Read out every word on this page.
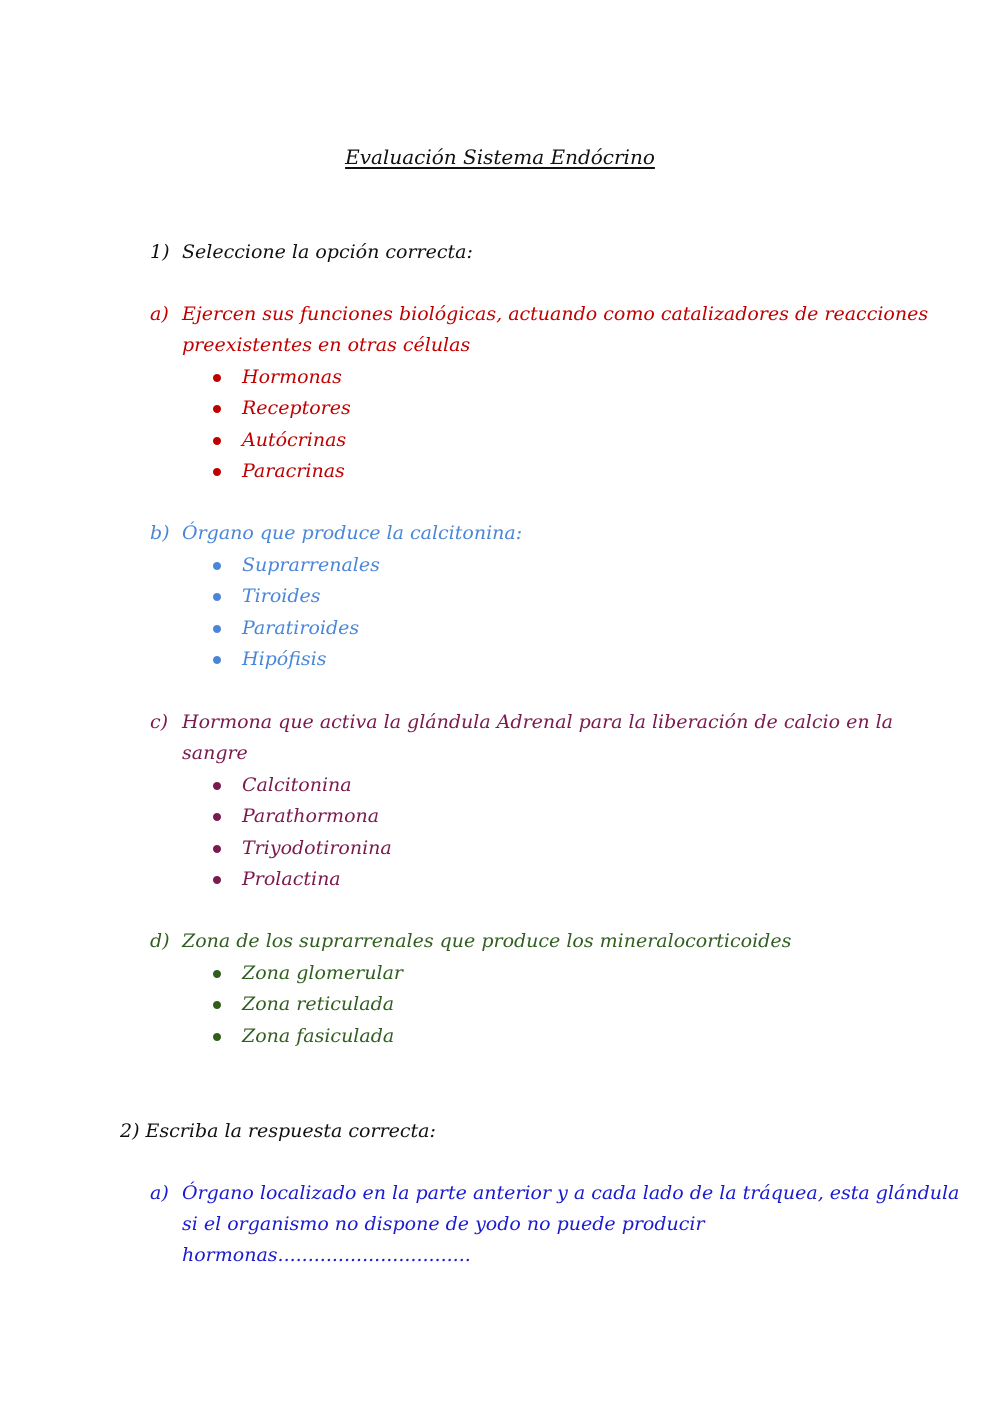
Evaluación Sistema Endócrino
1) Seleccione la opción correcta:
a) Ejercen sus funciones biológicas, actuando como catalizadores de reacciones
preexistentes en otras células
Hormonas
Receptores
Autócrinas
Paracrinas
b) Órgano que produce la calcitonina:
Suprarrenales
Tiroides
Paratiroides
Hipófisis
c) Hormona que activa la glándula Adrenal para la liberación de calcio en la
sangre
Calcitonina
Parathormona
Triyodotironina
Prolactina
d) Zona de los suprarrenales que produce los mineralocorticoides
Zona glomerular
Zona reticulada
Zona fasiculada
2) Escriba la respuesta correcta:
a) Órgano localizado en la parte anterior y a cada lado de la tráquea, esta glándula
si el organismo no dispone de yodo no puede producir
hormonas................................
